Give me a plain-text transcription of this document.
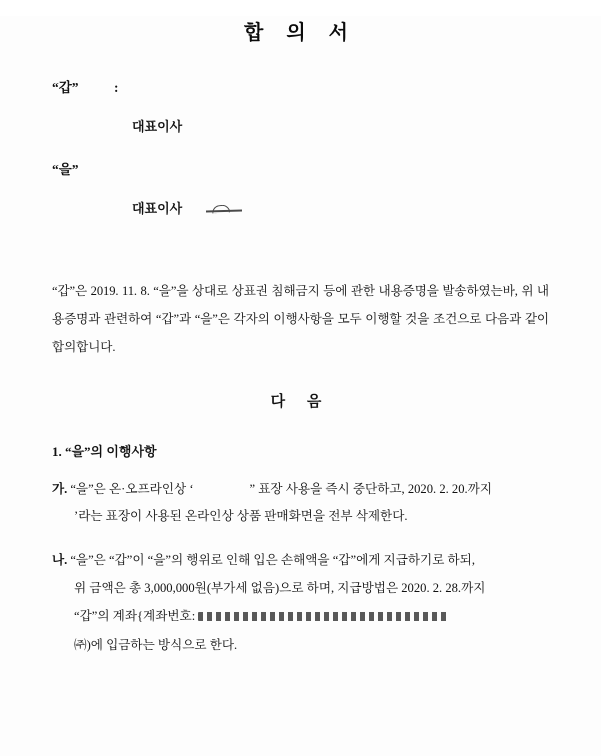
합 의 서
“갑”	:
대표이사
“을”
대표이사
“갑”은 2019. 11. 8. “을”을 상대로 상표권 침해금지 등에 관한 내용증명을 발송하였는바, 위 내용증명과 관련하여 “갑”과 “을”은 각자의 이행사항을 모두 이행할 것을 조건으로 다음과 같이 합의합니다.
다 음
1. “을”의 이행사항
가. “을”은 온·오프라인상 ‘	” 표장 사용을 즉시 중단하고, 2020. 2. 20.까지
’라는 표장이 사용된 온라인상 상품 판매화면을 전부 삭제한다.
나. “을”은 “갑”이 “을”의 행위로 인해 입은 손해액을 “갑”에게 지급하기로 하되,
위 금액은 총 3,000,000원(부가세 없음)으로 하며, 지급방법은 2020. 2. 28.까지
“갑”의 계좌{계좌번호:
㈜)에 입금하는 방식으로 한다.
